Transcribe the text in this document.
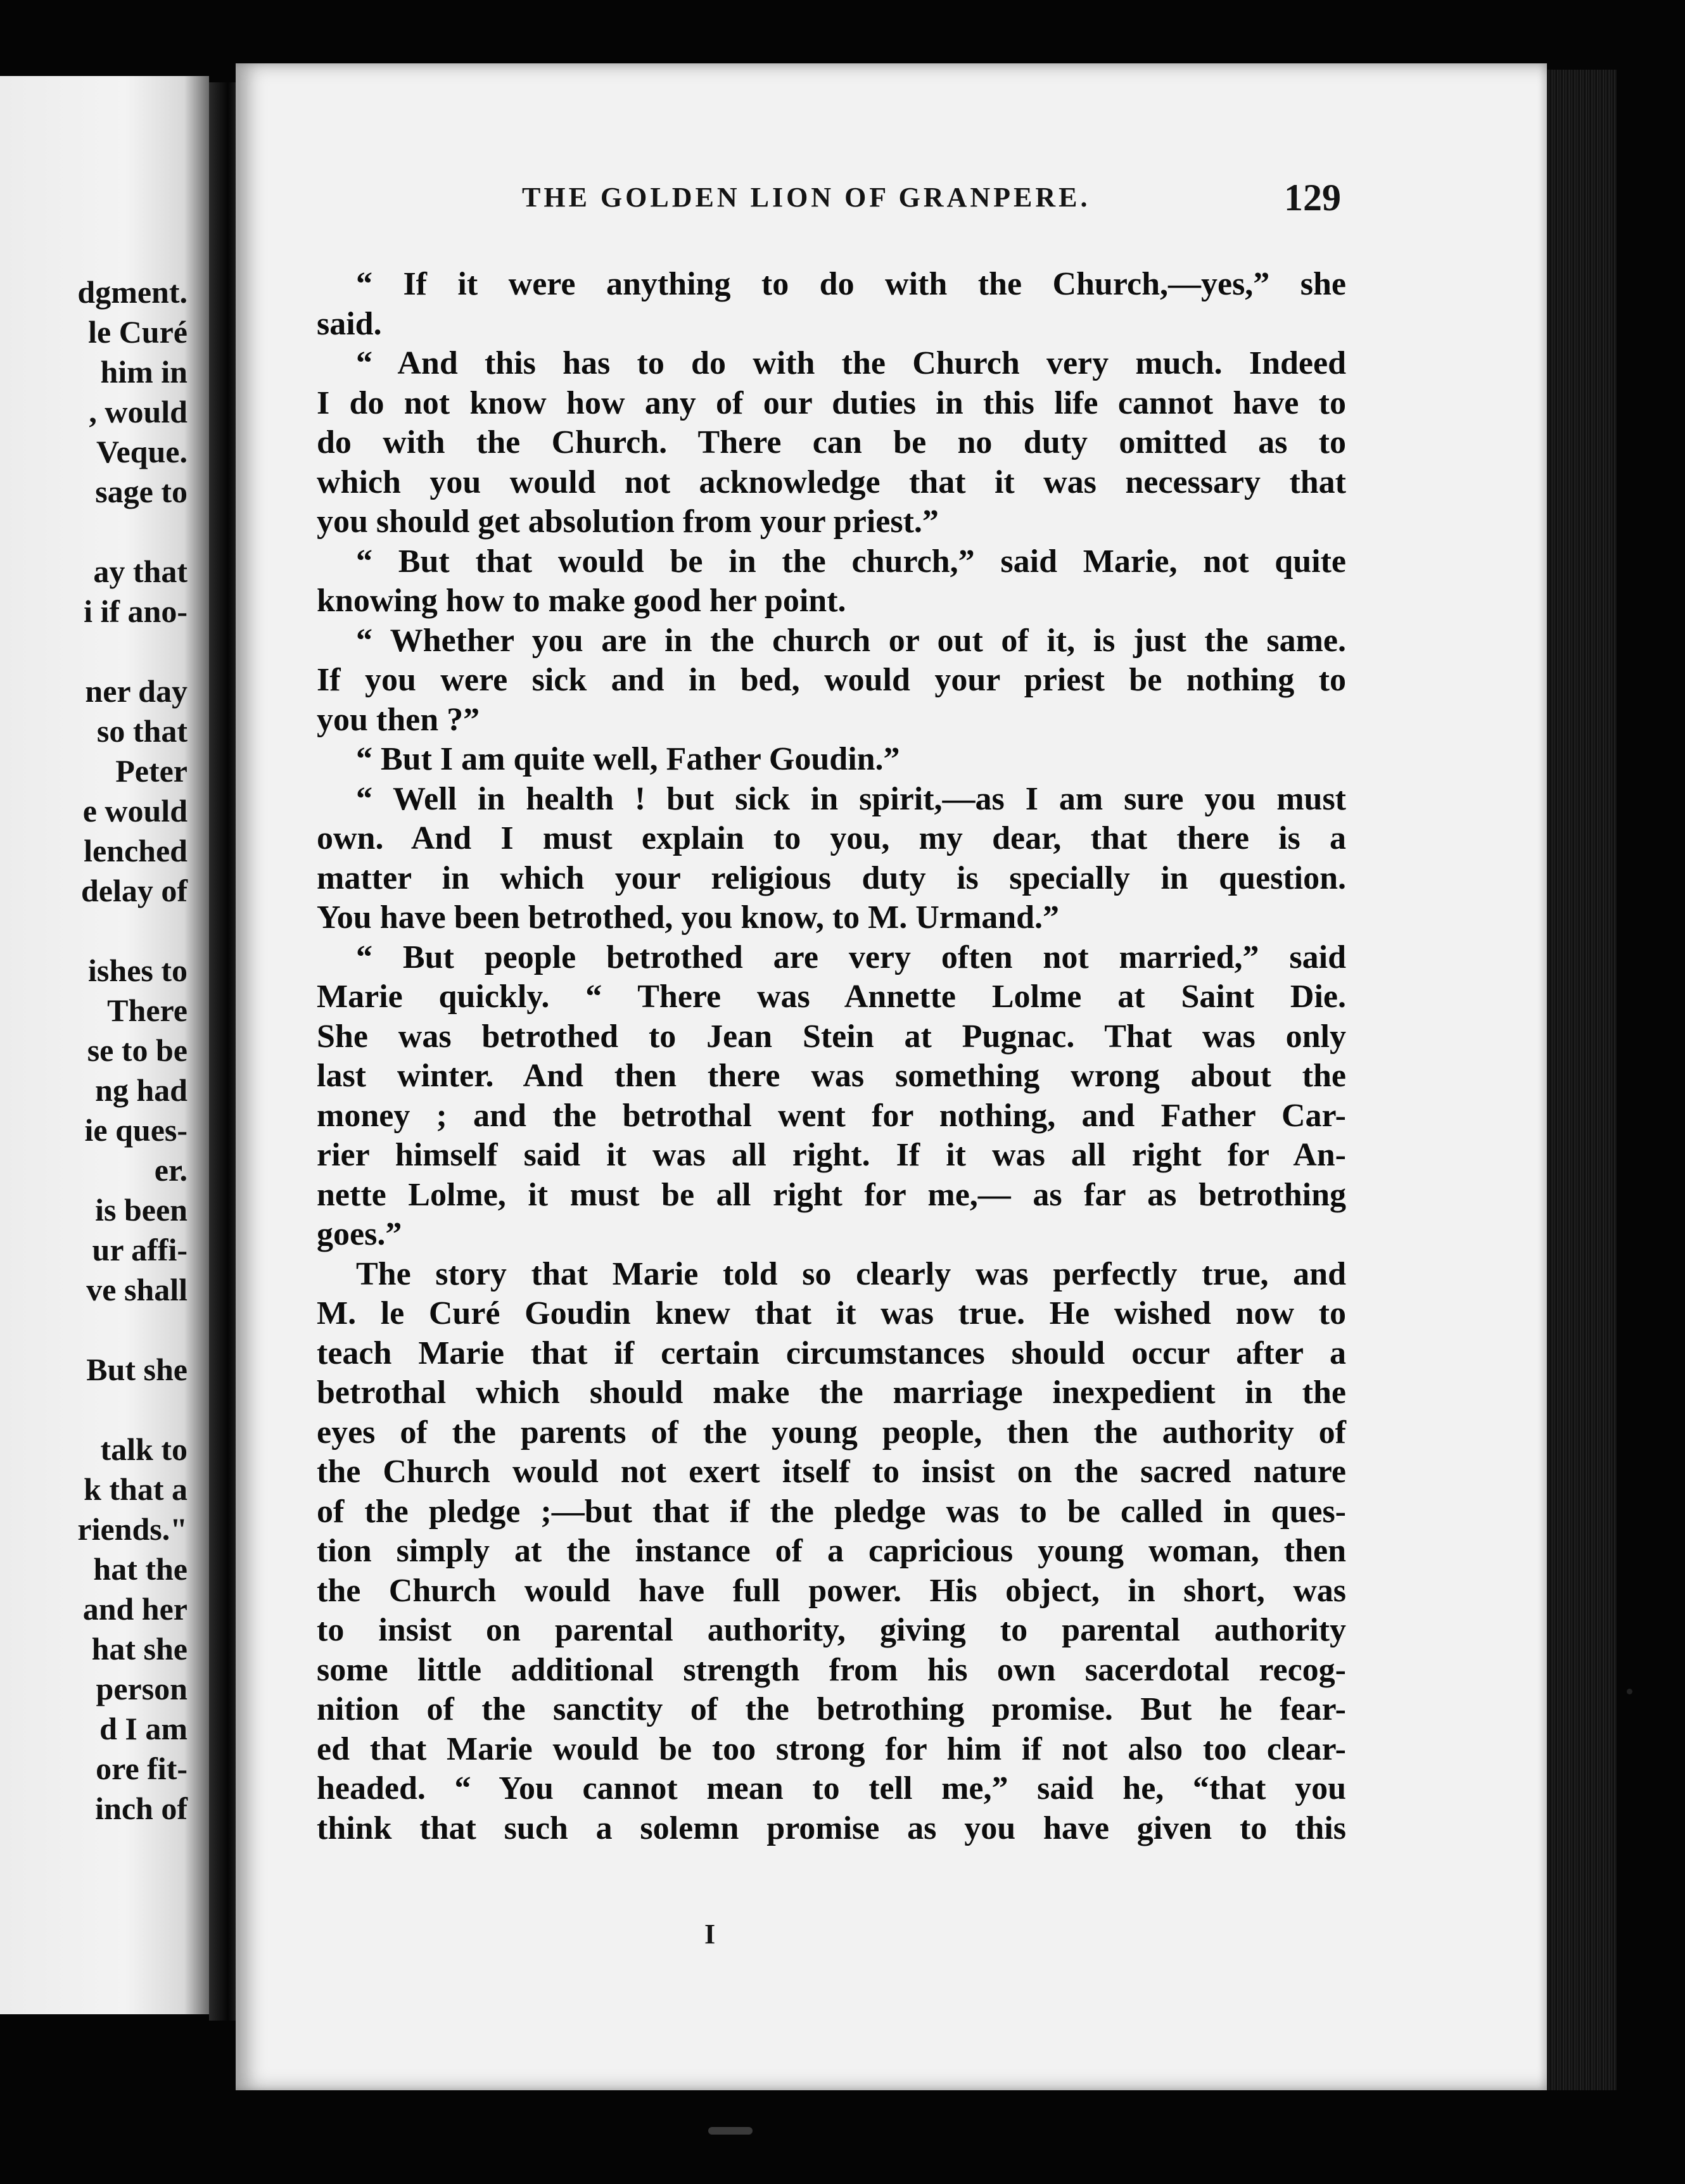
dgment.
le Curé
him in
, would
Veque.
sage to
ay that
i if ano-
ner day
so that
Peter
e would
lenched
delay of
ishes to
There
se to be
ng had
ie ques-
er.
is been
ur affi-
ve shall
But she
talk to
k that a
riends."
hat the
and her
hat she
person
d I am
ore fit-
inch of
THE GOLDEN LION OF GRANPERE.	129
“ If it were anything to do with the Church,—yes,” she
said.
“ And this has to do with the Church very much. Indeed
I do not know how any of our duties in this life cannot have to
do with the Church. There can be no duty omitted as to
which you would not acknowledge that it was necessary that
you should get absolution from your priest.”
“ But that would be in the church,” said Marie, not quite
knowing how to make good her point.
“ Whether you are in the church or out of it, is just the same.
If you were sick and in bed, would your priest be nothing to
you then ?”
“ But I am quite well, Father Goudin.”
“ Well in health ! but sick in spirit,—as I am sure you must
own. And I must explain to you, my dear, that there is a
matter in which your religious duty is specially in question.
You have been betrothed, you know, to M. Urmand.”
“ But people betrothed are very often not married,” said
Marie quickly. “ There was Annette Lolme at Saint Die.
She was betrothed to Jean Stein at Pugnac. That was only
last winter. And then there was something wrong about the
money ; and the betrothal went for nothing, and Father Car-
rier himself said it was all right. If it was all right for An-
nette Lolme, it must be all right for me,— as far as betrothing
goes.”
The story that Marie told so clearly was perfectly true, and
M. le Curé Goudin knew that it was true. He wished now to
teach Marie that if certain circumstances should occur after a
betrothal which should make the marriage inexpedient in the
eyes of the parents of the young people, then the authority of
the Church would not exert itself to insist on the sacred nature
of the pledge ;—but that if the pledge was to be called in ques-
tion simply at the instance of a capricious young woman, then
the Church would have full power. His object, in short, was
to insist on parental authority, giving to parental authority
some little additional strength from his own sacerdotal recog-
nition of the sanctity of the betrothing promise. But he fear-
ed that Marie would be too strong for him if not also too clear-
headed. “ You cannot mean to tell me,” said he, “that you
think that such a solemn promise as you have given to this
I
